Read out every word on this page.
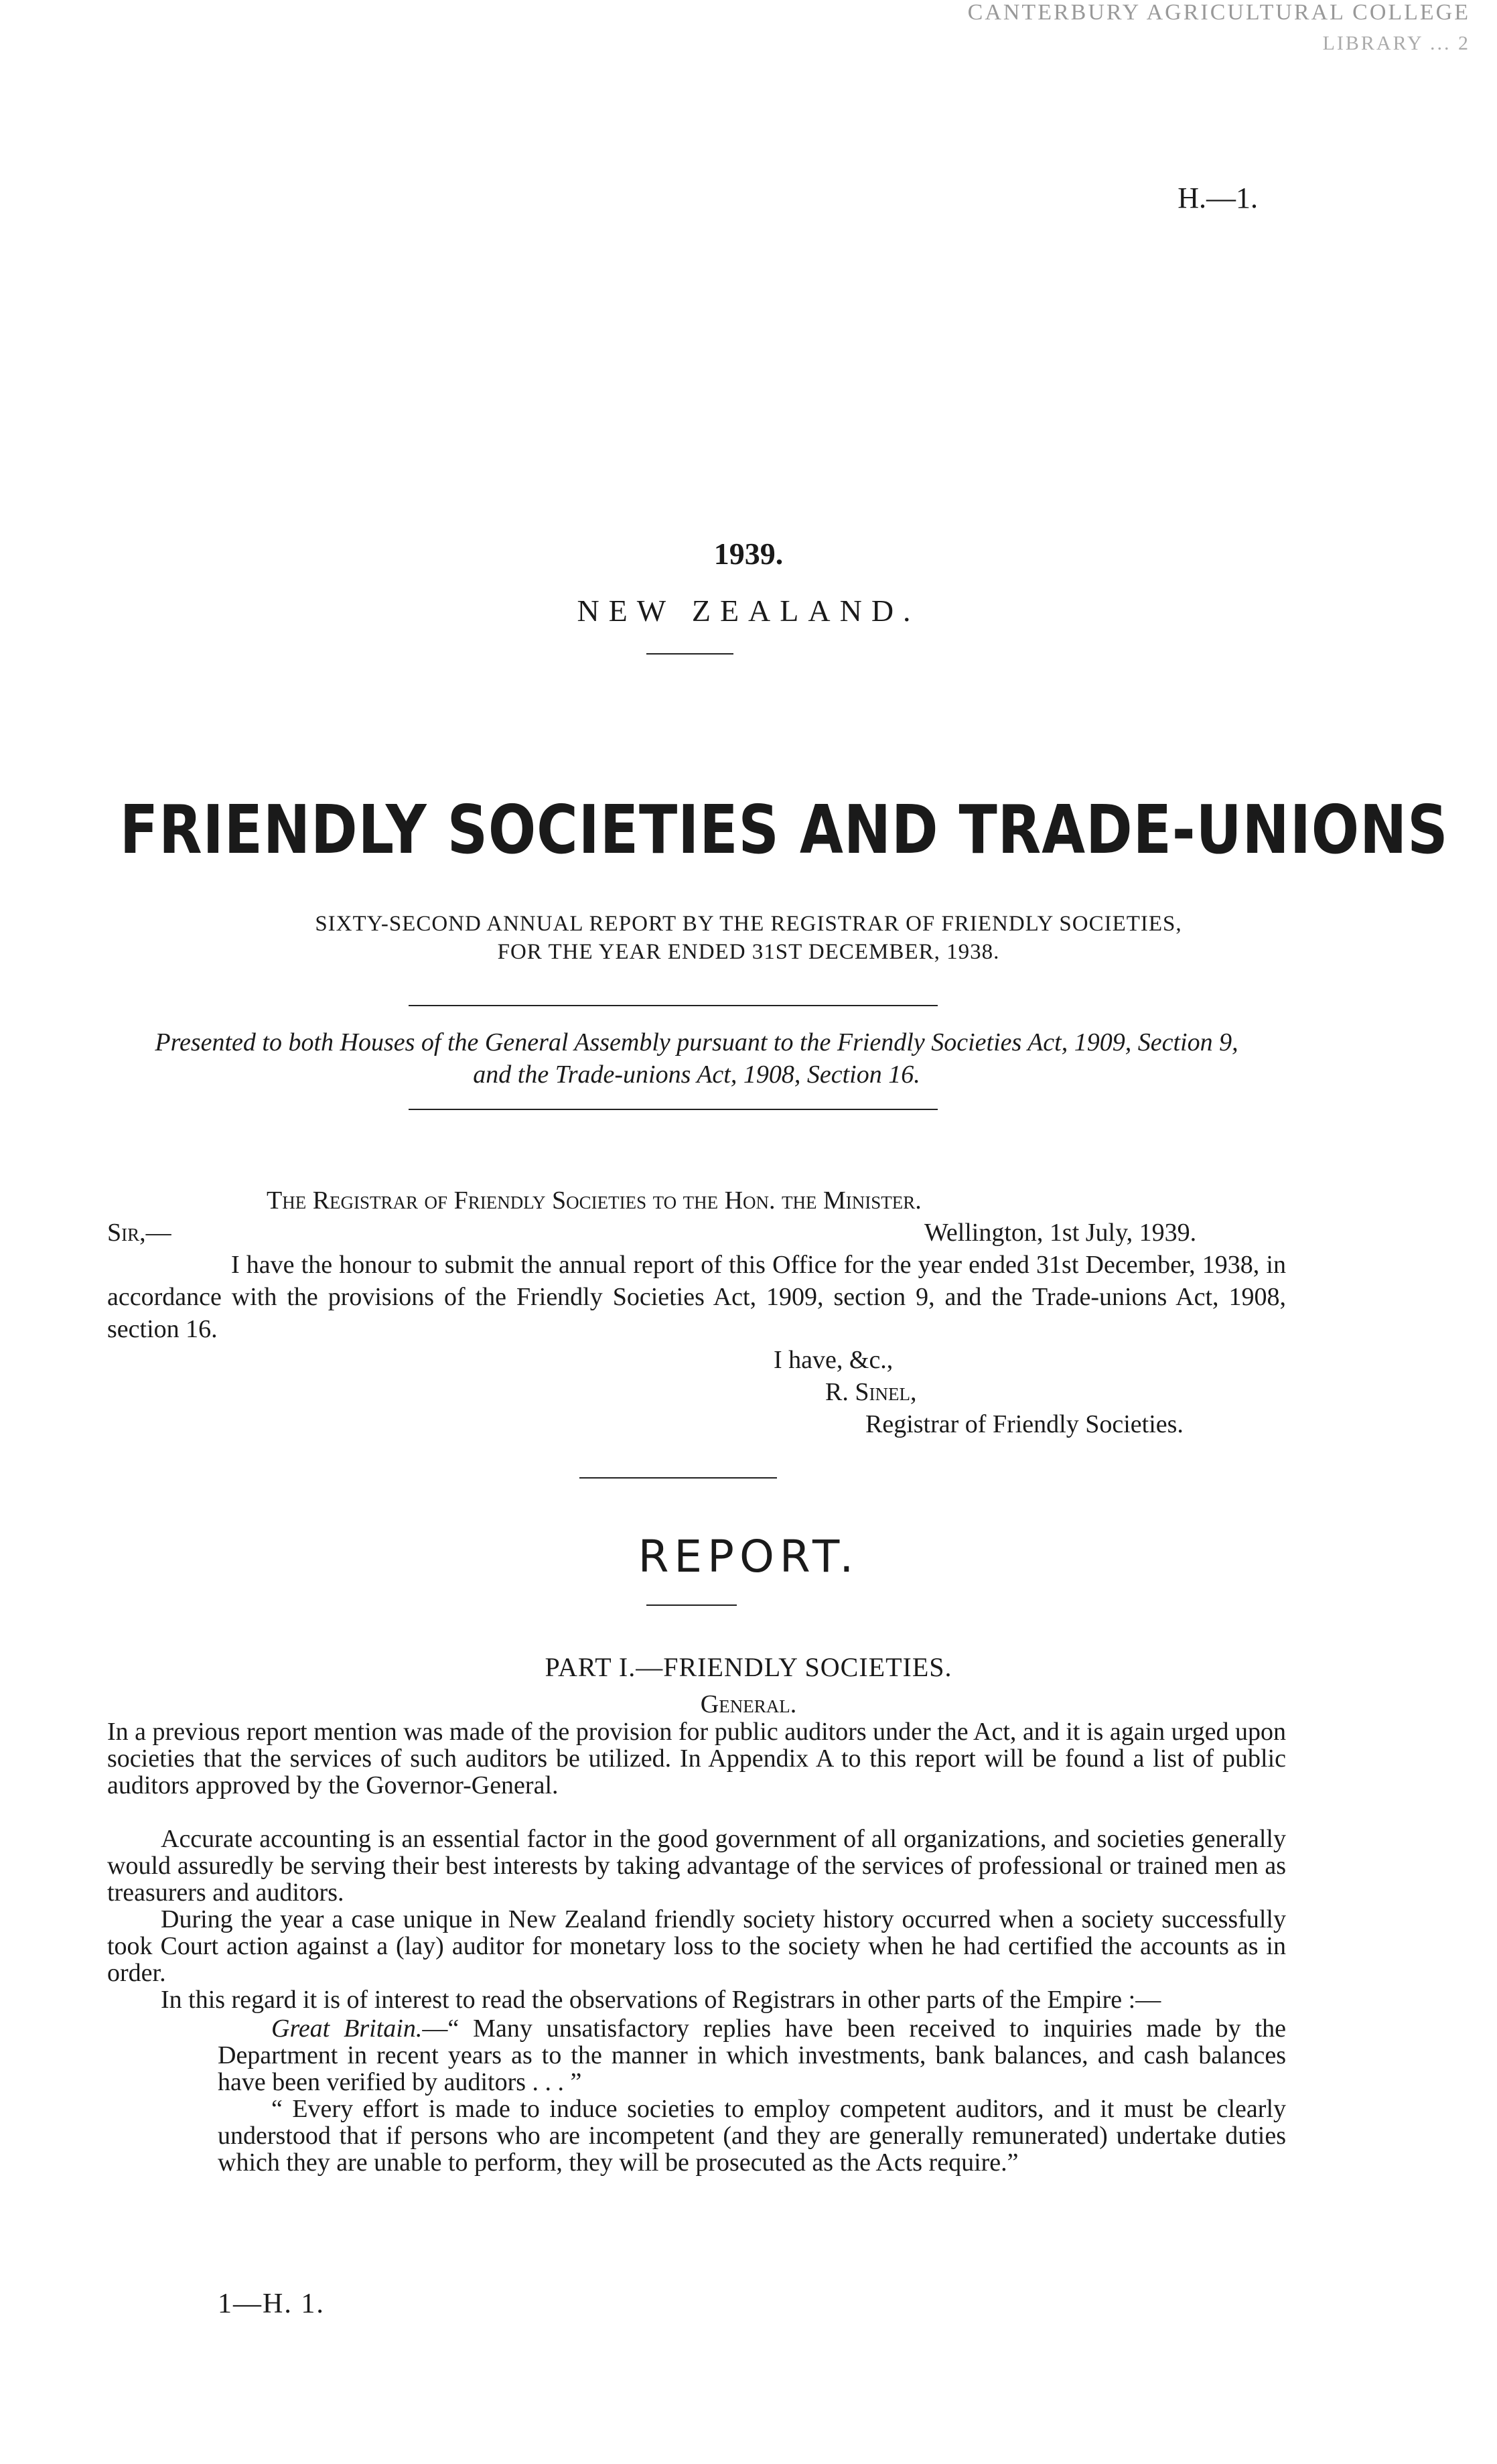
CANTERBURY AGRICULTURAL COLLEGE
LIBRARY ... 2
H.—1.
1939.
NEW ZEALAND.
FRIENDLY SOCIETIES AND TRADE-UNIONS
SIXTY-SECOND ANNUAL REPORT BY THE REGISTRAR OF FRIENDLY SOCIETIES,
FOR THE YEAR ENDED 31ST DECEMBER, 1938.
Presented to both Houses of the General Assembly pursuant to the Friendly Societies Act, 1909, Section 9,
and the Trade-unions Act, 1908, Section 16.
The Registrar of Friendly Societies to the Hon. the Minister.
Sir,—	Wellington, 1st July, 1939.

I have the honour to submit the annual report of this Office for the year ended 31st December, 1938, in accordance with the provisions of the Friendly Societies Act, 1909, section 9, and the Trade-unions Act, 1908, section 16.

I have, &c.,
R. Sinel,
Registrar of Friendly Societies.
REPORT.
PART I.—FRIENDLY SOCIETIES.
General.

In a previous report mention was made of the provision for public auditors under the Act, and it is again urged upon societies that the services of such auditors be utilized. In Appendix A to this report will be found a list of public auditors approved by the Governor-General.

Accurate accounting is an essential factor in the good government of all organizations, and societies generally would assuredly be serving their best interests by taking advantage of the services of professional or trained men as treasurers and auditors.

During the year a case unique in New Zealand friendly society history occurred when a society successfully took Court action against a (lay) auditor for monetary loss to the society when he had certified the accounts as in order.

In this regard it is of interest to read the observations of Registrars in other parts of the Empire :—

Great Britain.—“ Many unsatisfactory replies have been received to inquiries made by the Department in recent years as to the manner in which investments, bank balances, and cash balances have been verified by auditors . . . ”

“ Every effort is made to induce societies to employ competent auditors, and it must be clearly understood that if persons who are incompetent (and they are generally remunerated) undertake duties which they are unable to perform, they will be prosecuted as the Acts require.”

1—H. 1.
